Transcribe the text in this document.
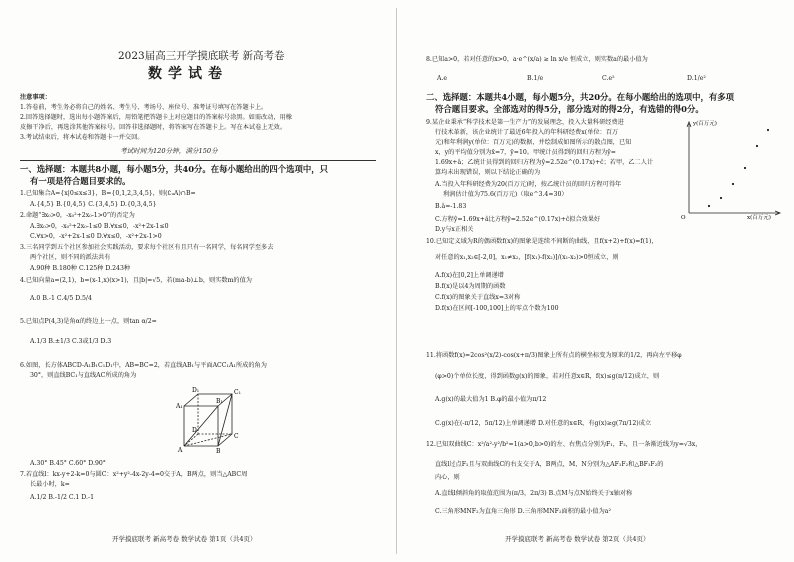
2023届高三开学摸底联考 新高考卷
数学试卷
注意事项：
1.答卷前，考生务必将自己的姓名、考生号、考场号、座位号、准考证号填写在答题卡上。
2.回答选择题时，选出每小题答案后，用铅笔把答题卡上对应题目的答案标号涂黑。如需改动，用橡
皮擦干净后，再选涂其他答案标号。回答非选择题时，将答案写在答题卡上。写在本试卷上无效。
3.考试结束后，将本试卷和答题卡一并交回。
考试时间为120分钟，满分150分
一、选择题：本题共8小题，每小题5分，共40分。在每小题给出的四个选项中，只
有一项是符合题目要求的。
1.已知集合A={x|0≤x≤3}，B={0,1,2,3,4,5}，则(∁ᵤA)∩B=
A.{4,5} B.{0,4,5} C.{3,4,5} D.{0,3,4,5}
2.命题“∃x₀>0，-x₀²+2x₀-1>0”的否定为
A.∃x₀>0，-x₀²+2x₀-1≤0 B.∀x≤0，-x²+2x-1≤0
C.∀x>0，-x²+2x-1≤0 D.∀x≤0，-x²+2x-1>0
3.三名同学到五个社区参加社会实践活动，要求每个社区有且只有一名同学，每名同学至多去
两个社区，则不同的派法共有
A.90种 B.180种 C.125种 D.243种
4.已知向量a=(2,1)，b=(x-1,x)(x>1)，且|b|=√5，若(ma-b)⊥b，则实数m的值为
A.0 B.-1 C.4/5 D.5/4
5.已知点P(4,3)是角α的终边上一点，则tan α/2=
A.1/3 B.±1/3 C.3或1/3 D.3
6.如图，长方体ABCD-A₁B₁C₁D₁中，AB=BC=2，若直线AB₁与平面ACC₁A₁所成的角为
30°，则直线BC₁与直线AC所成的角为
A₁
B₁
C₁
D₁
A	B
C
D
A.30° B.45° C.60° D.90°
7.若直线l：kx-y+2-k=0与圆C：x²+y²-4x-2y-4=0交于A，B两点，则当△ABC周
长最小时，k=
A.1/2 B.-1/2 C.1 D.-1
开学摸底联考 新高考卷 数学试卷 第1页（共4页）
8.已知a>0，若对任意的x>0，a·e^(x/a) ≥ ln x/e 恒成立，则实数a的最小值为
A.e	B.1/e	C.e²	D.1/e²
二、选择题：本题共4小题，每小题5分，共20分。在每小题给出的选项中，有多项
符合题目要求。全部选对的得5分，部分选对的得2分，有选错的得0分。
9.某企业秉承“科学技术是第一生产力”的发展理念，投入大量科研经费进
行技术革新，该企业统计了最近6年投入的年科研经费x(单位：百万
元)和年利润y(单位：百万元)的数据，并绘制成如图所示的散点图，已知
x，y的平均值分别为x̄=7，ȳ=10。甲统计员得到的回归方程为ŷ=
1.69x+â；乙统计员得到的回归方程为ŷ=2.52e^(0.17x)+ĉ；若甲，乙二人计
算均未出现错误，则以下结论正确的为
A.当投入年科研经费为20(百万元)时，按乙统计员的回归方程可得年
利润估计值为75.6(百万元)（取e^3.4≈30）
B.â=-1.83
C.方程ŷ=1.69x+â比方程ŷ=2.52e^(0.17x)+ĉ拟合效果好
D.y与x正相关
y(百万元)
x(百万元)
O
10.已知定义域为R的偶函数f(x)的图象是连续不间断的曲线，且f(x+2)+f(x)=f(1)，
对任意的x₁,x₂∈[-2,0]，x₁≠x₂，[f(x₁)-f(x₂)]/(x₁-x₂)>0恒成立，则
A.f(x)在[0,2]上单调递增
B.f(x)是以4为周期的函数
C.f(x)的图象关于直线x=3对称
D.f(x)在区间[-100,100]上的零点个数为100
11.将函数f(x)=2cos²(x/2)-cos(x+π/3)图象上所有点的横坐标变为原来的1/2，再向左平移φ
(φ>0)个单位长度，得到函数g(x)的图象，若对任意x∈R，f(x)≤g(π/12)成立，则
A.g(x)的最大值为1 B.φ的最小值为π/12
C.g(x)在(-π/12，5π/12)上单调递增 D.对任意的x∈R，有g(x)≥g(7π/12)成立
12.已知双曲线C：x²/a²-y²/b²=1(a>0,b>0)的左、右焦点分别为F₁，F₂，且一条渐近线为y=√3x，
直线l过点F₂且与双曲线C的右支交于A，B两点，M，N分别为△AF₁F₂和△BF₁F₂的
内心，则
A.直线l倾斜角的取值范围为(π/3，2π/3) B.点M与点N始终关于x轴对称
C.三角形MNF₂为直角三角形 D.三角形MNF₂面积的最小值为a²
开学摸底联考 新高考卷 数学试卷 第2页（共4页）
